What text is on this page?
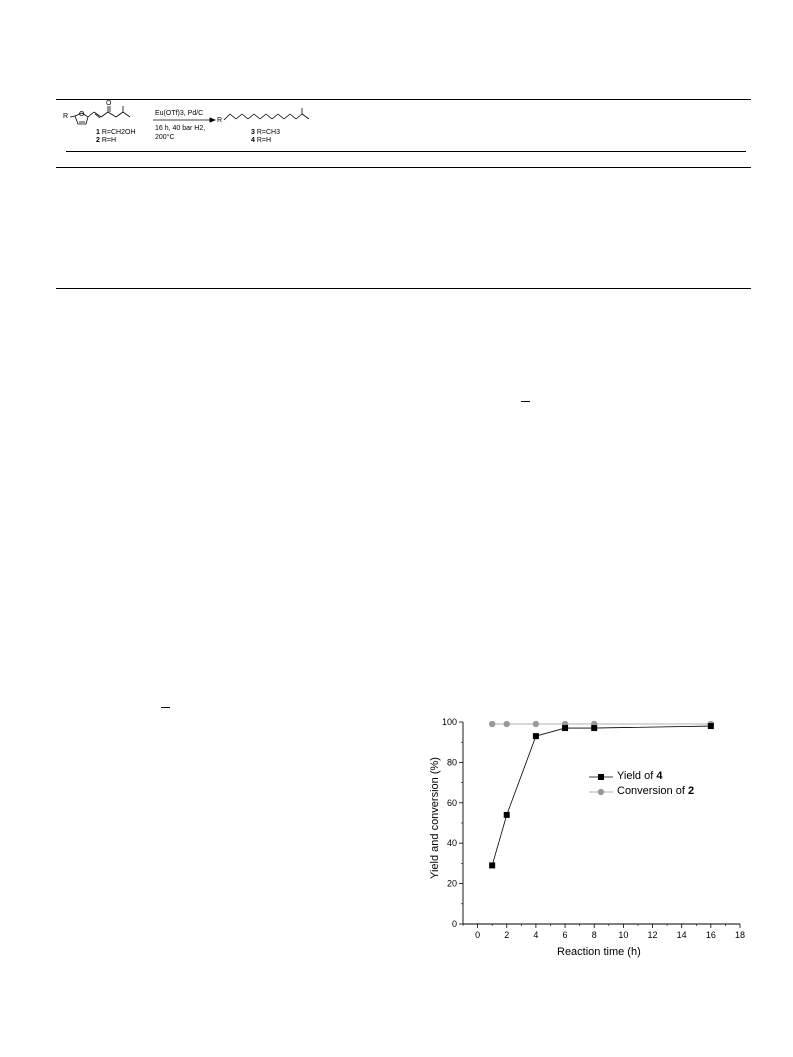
R O
O
R
1 R=CH2OH
2 R=H
Eu(OTf)3, Pd/C
16 h, 40 bar H2,
200°C
3 R=CH3
4 R=H
0	2	4	6	8 10 12 14 16 18
0
20
40
60
80
100
Reaction time (h)
Yield and conversion (%)	Yield of 4
Conversion of 2
